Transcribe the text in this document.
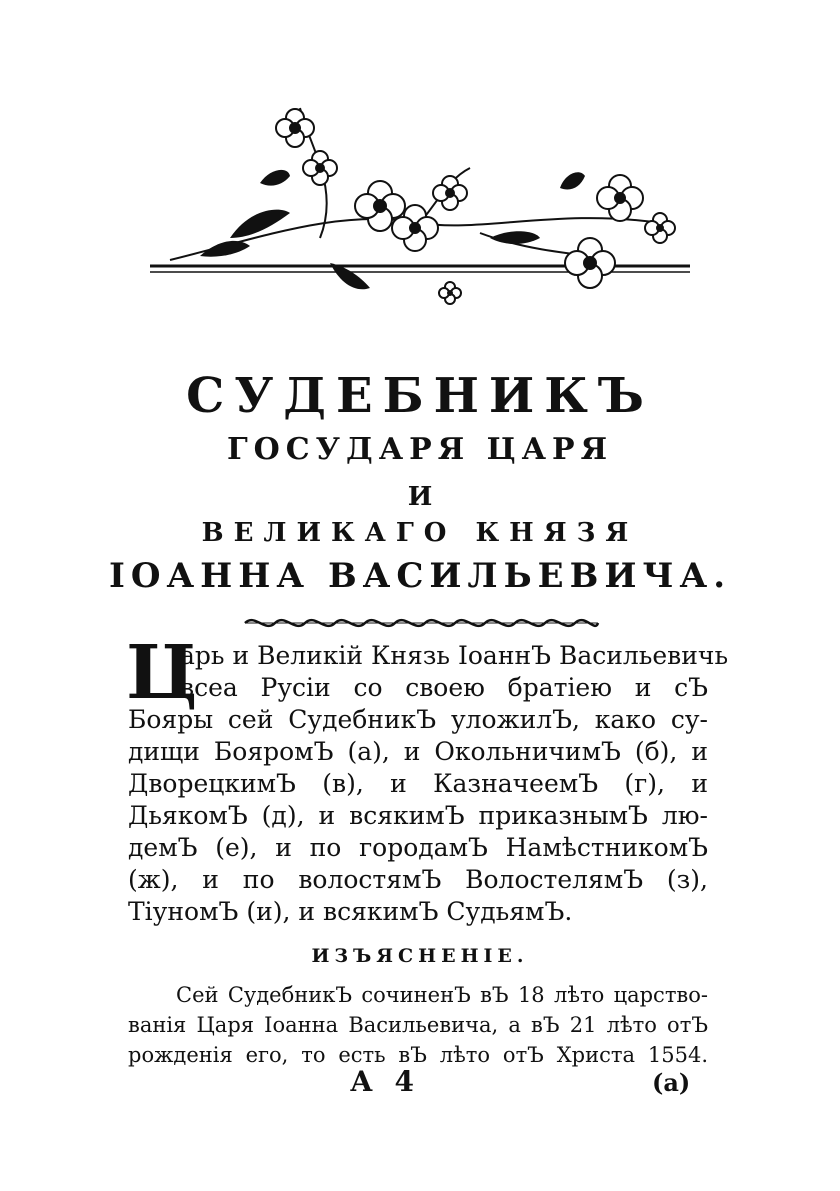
СУДЕБНИКЪ
ГОСУДАРЯ ЦАРЯ
И
ВЕЛИКАГО КНЯЗЯ
ІОАННА ВАСИЛЬЕВИЧА.
Ц
арь и Великій Князь ІоаннЪ Васильевичь
всеа Русіи со своею братіею и сЪ
Бояры сей СудебникЪ уложилЪ, како су-
дищи БояромЪ (а), и ОкольничимЪ (б), и
ДворецкимЪ (в), и КазначеемЪ (г), и
ДьякомЪ (д), и всякимЪ приказнымЪ лю-
демЪ (е), и по городамЪ НамѣстникомЪ
(ж), и по волостямЪ ВолостелямЪ (з),
ТіуномЪ (и), и всякимЪ СудьямЪ.
ИЗЪЯСНЕНІЕ.
Сей СудебникЪ сочиненЪ вЪ 18 лѣто царствo-
ванія Царя Іоанна Васильевича, а вЪ 21 лѣто отЪ
рожденія его, то есть вЪ лѣто отЪ Христа 1554.
А 4	(а)
